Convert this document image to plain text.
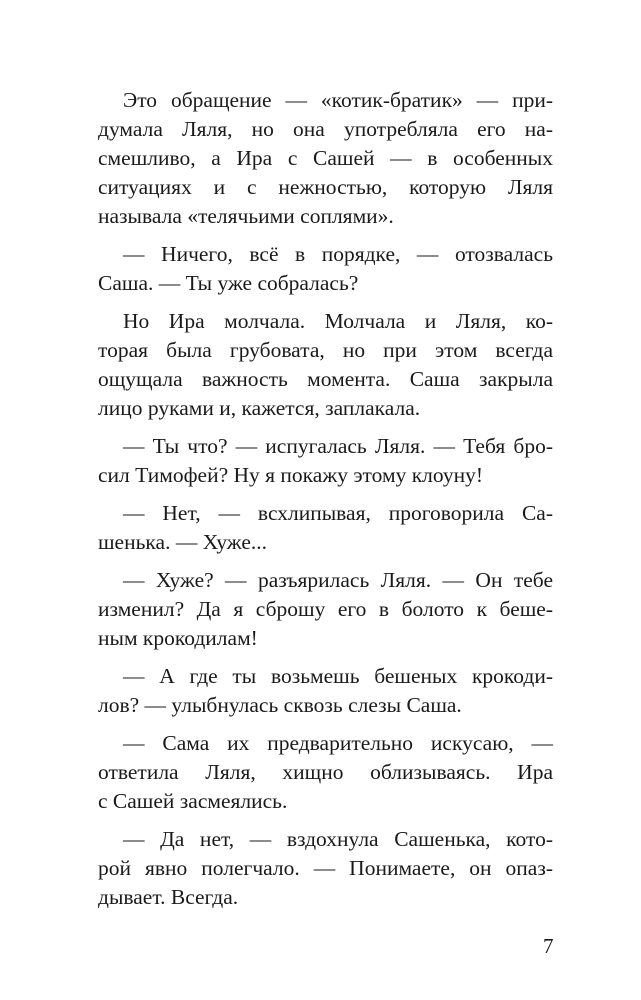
Это обращение — «котик-братик» — при-
думала Ляля, но она употребляла его на-
смешливо, а Ира с Сашей — в особенных
ситуациях и с нежностью, которую Ляля
называла «телячьими соплями».
— Ничего, всё в порядке, — отозвалась
Саша. — Ты уже собралась?
Но Ира молчала. Молчала и Ляля, ко-
торая была грубовата, но при этом всегда
ощущала важность момента. Саша закрыла
лицо руками и, кажется, заплакала.
— Ты что? — испугалась Ляля. — Тебя бро-
сил Тимофей? Ну я покажу этому клоуну!
— Нет, — всхлипывая, проговорила Са-
шенька. — Хуже...
— Хуже? — разъярилась Ляля. — Он тебе
изменил? Да я сброшу его в болото к беше-
ным крокодилам!
— А где ты возьмешь бешеных крокоди-
лов? — улыбнулась сквозь слезы Саша.
— Сама их предварительно искусаю, —
ответила Ляля, хищно облизываясь. Ира
с Сашей засмеялись.
— Да нет, — вздохнула Сашенька, кото-
рой явно полегчало. — Понимаете, он опаз-
дывает. Всегда.
7
